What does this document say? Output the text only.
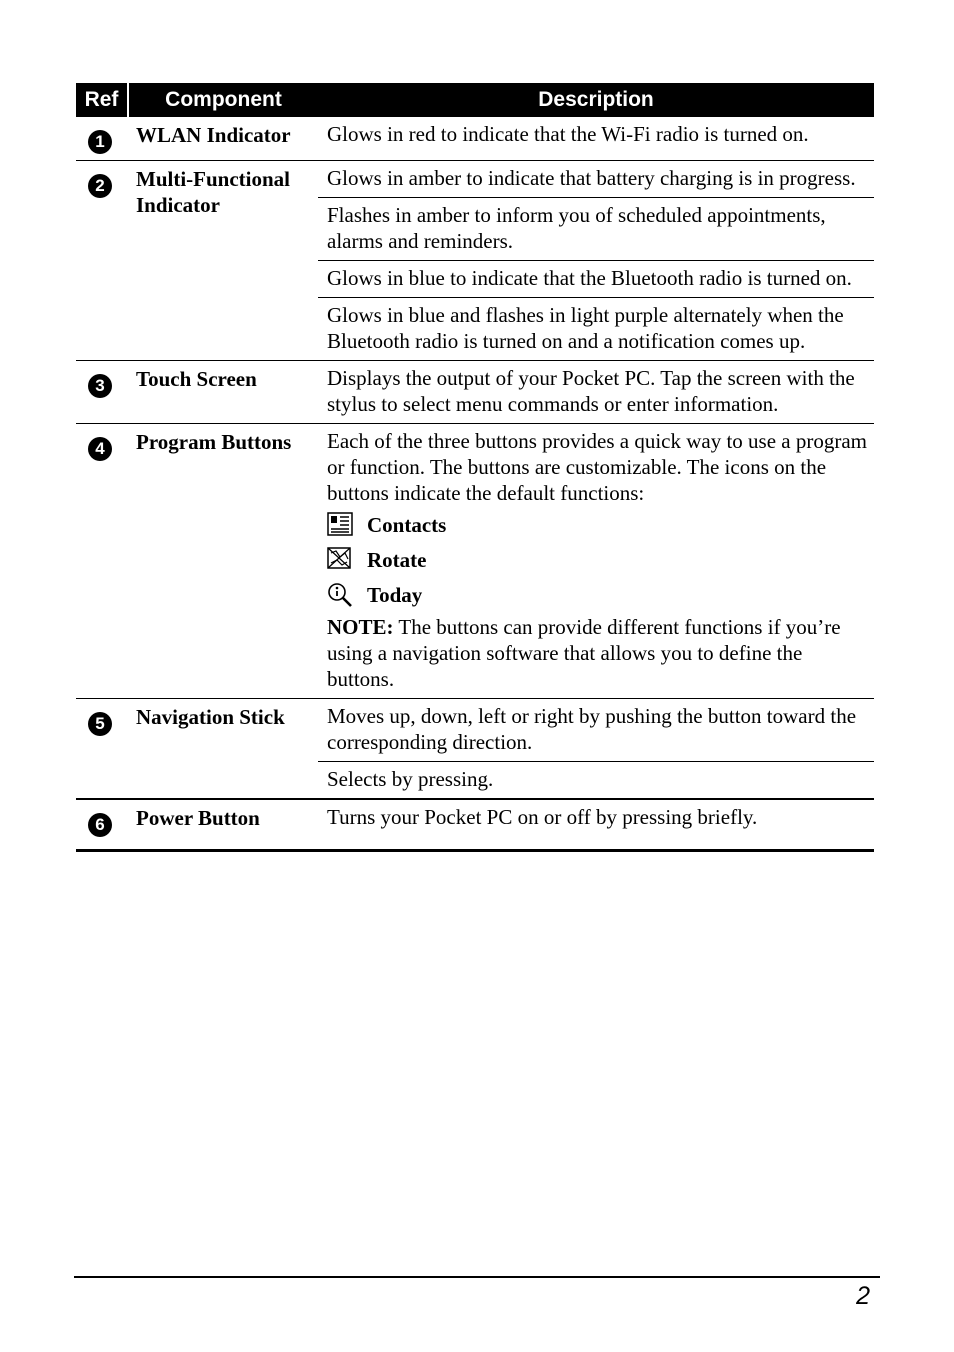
Ref	Component	Description
1	WLAN Indicator	Glows in red to indicate that the Wi-Fi radio is turned on.
2	Multi-Functional Indicator	Glows in amber to indicate that battery charging is in progress.
		Flashes in amber to inform you of scheduled appointments, alarms and reminders.
		Glows in blue to indicate that the Bluetooth radio is turned on.
		Glows in blue and flashes in light purple alternately when the Bluetooth radio is turned on and a notification comes up.
3	Touch Screen	Displays the output of your Pocket PC. Tap the screen with the stylus to select menu commands or enter information.
4	Program Buttons	Each of the three buttons provides a quick way to use a program or function. The buttons are customizable. The icons on the buttons indicate the default functions:
Contacts
Rotate
Today
NOTE: The buttons can provide different functions if you’re using a navigation software that allows you to define the buttons.

5	Navigation Stick	Moves up, down, left or right by pushing the button toward the corresponding direction.
		Selects by pressing.
6	Power Button	Turns your Pocket PC on or off by pressing briefly.
2
